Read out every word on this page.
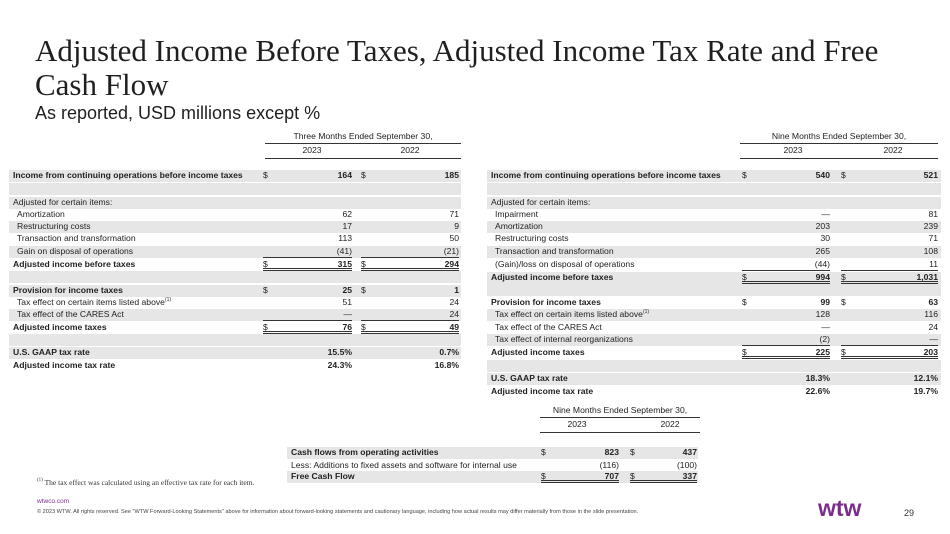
Adjusted Income Before Taxes, Adjusted Income Tax Rate and Free Cash Flow
As reported, USD millions except %
Three Months Ended September 30,
2023	2022
Income from continuing operations before income taxes $	164 $	185
Adjusted for certain items:
Amortization	62	71
Restructuring costs	17	9
Transaction and transformation	113	50
Gain on disposal of operations	(41)	(21)
Adjusted income before taxes	$	315 $	294
Provision for income taxes	$	25 $	1
Tax effect on certain items listed above$^{(1)}$	51	24
Tax effect of the CARES Act	—	24
Adjusted income taxes	$	76 $	49
U.S. GAAP tax rate	15.5%	0.7%
Adjusted income tax rate	24.3%	16.8%
Nine Months Ended September 30,
2023	2022
Income from continuing operations before income taxes $	540 $	521
Adjusted for certain items:
Impairment	—	81
Amortization	203	239
Restructuring costs	30	71
Transaction and transformation	265	108
(Gain)/loss on disposal of operations	(44)	11
Adjusted income before taxes	$	994 $	1,031
Provision for income taxes	$	99 $	63
Tax effect on certain items listed above$^{(1)}$	128	116
Tax effect of the CARES Act	—	24
Tax effect of internal reorganizations	(2)	—
Adjusted income taxes	$	225 $	203
U.S. GAAP tax rate	18.3%	12.1%
Adjusted income tax rate	22.6%	19.7%
Nine Months Ended September 30,
2023	2022
Cash flows from operating activities	$	823 $	437
Less: Additions to fixed assets and software for internal use	(116)	(100)
Free Cash Flow	$	707 $	337
$^{(1)}$ The tax effect was calculated using an effective tax rate for each item.
wtwco.com
© 2023 WTW. All rights reserved. See "WTW Forward-Looking Statements" above for information about forward-looking statements and cautionary language, including how actual results may differ materially from those in the slide presentation.	wtw	29
